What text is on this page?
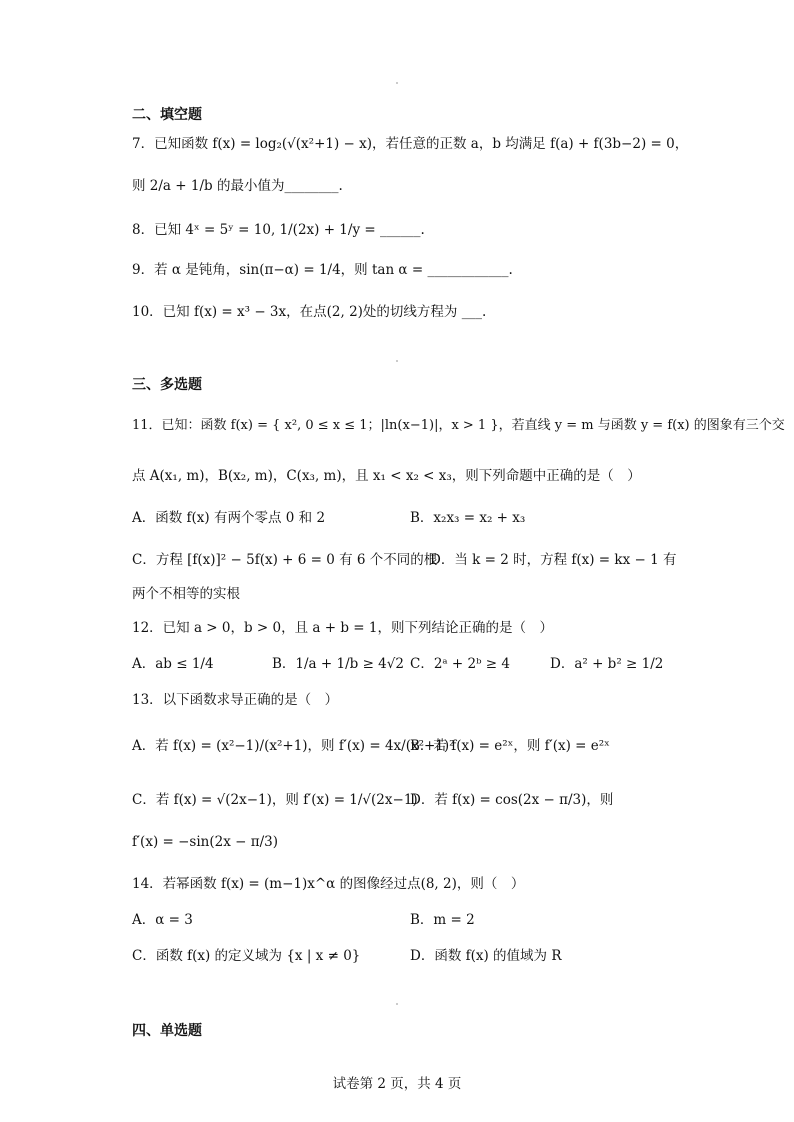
二、填空题
7．已知函数 f(x) = log₂(√(x²+1) − x)，若任意的正数 a，b 均满足 f(a) + f(3b−2) = 0，
则 2/a + 1/b 的最小值为________.
8．已知 4ˣ = 5ʸ = 10, 1/(2x) + 1/y = ______.
9．若 α 是钝角，sin(π−α) = 1/4，则 tan α = ____________.
10．已知 f(x) = x³ − 3x，在点(2, 2)处的切线方程为 ___.
三、多选题
11．已知：函数 f(x) = { x², 0 ≤ x ≤ 1；|ln(x−1)|，x > 1 }，若直线 y = m 与函数 y = f(x) 的图象有三个交
点 A(x₁, m)，B(x₂, m)，C(x₃, m)，且 x₁ < x₂ < x₃，则下列命题中正确的是（　）
A．函数 f(x) 有两个零点 0 和 2	B．x₂x₃ = x₂ + x₃
C．方程 [f(x)]² − 5f(x) + 6 = 0 有 6 个不同的根
D．当 k = 2 时，方程 f(x) = kx − 1 有
两个不相等的实根
12．已知 a > 0，b > 0，且 a + b = 1，则下列结论正确的是（　）
A．ab ≤ 1/4	B．1/a + 1/b ≥ 4√2 C．2ᵃ + 2ᵇ ≥ 4	D．a² + b² ≥ 1/2
13．以下函数求导正确的是（　）
A．若 f(x) = (x²−1)/(x²+1)，则 f′(x) = 4x/(x²+1)²
B．若 f(x) = e²ˣ，则 f′(x) = e²ˣ
C．若 f(x) = √(2x−1)，则 f′(x) = 1/√(2x−1)
D．若 f(x) = cos(2x − π/3)，则
f′(x) = −sin(2x − π/3)
14．若幂函数 f(x) = (m−1)x^α 的图像经过点(8, 2)，则（　）
A．α = 3	B．m = 2
C．函数 f(x) 的定义域为 {x | x ≠ 0}	D．函数 f(x) 的值域为 R
四、单选题
试卷第 2 页，共 4 页
